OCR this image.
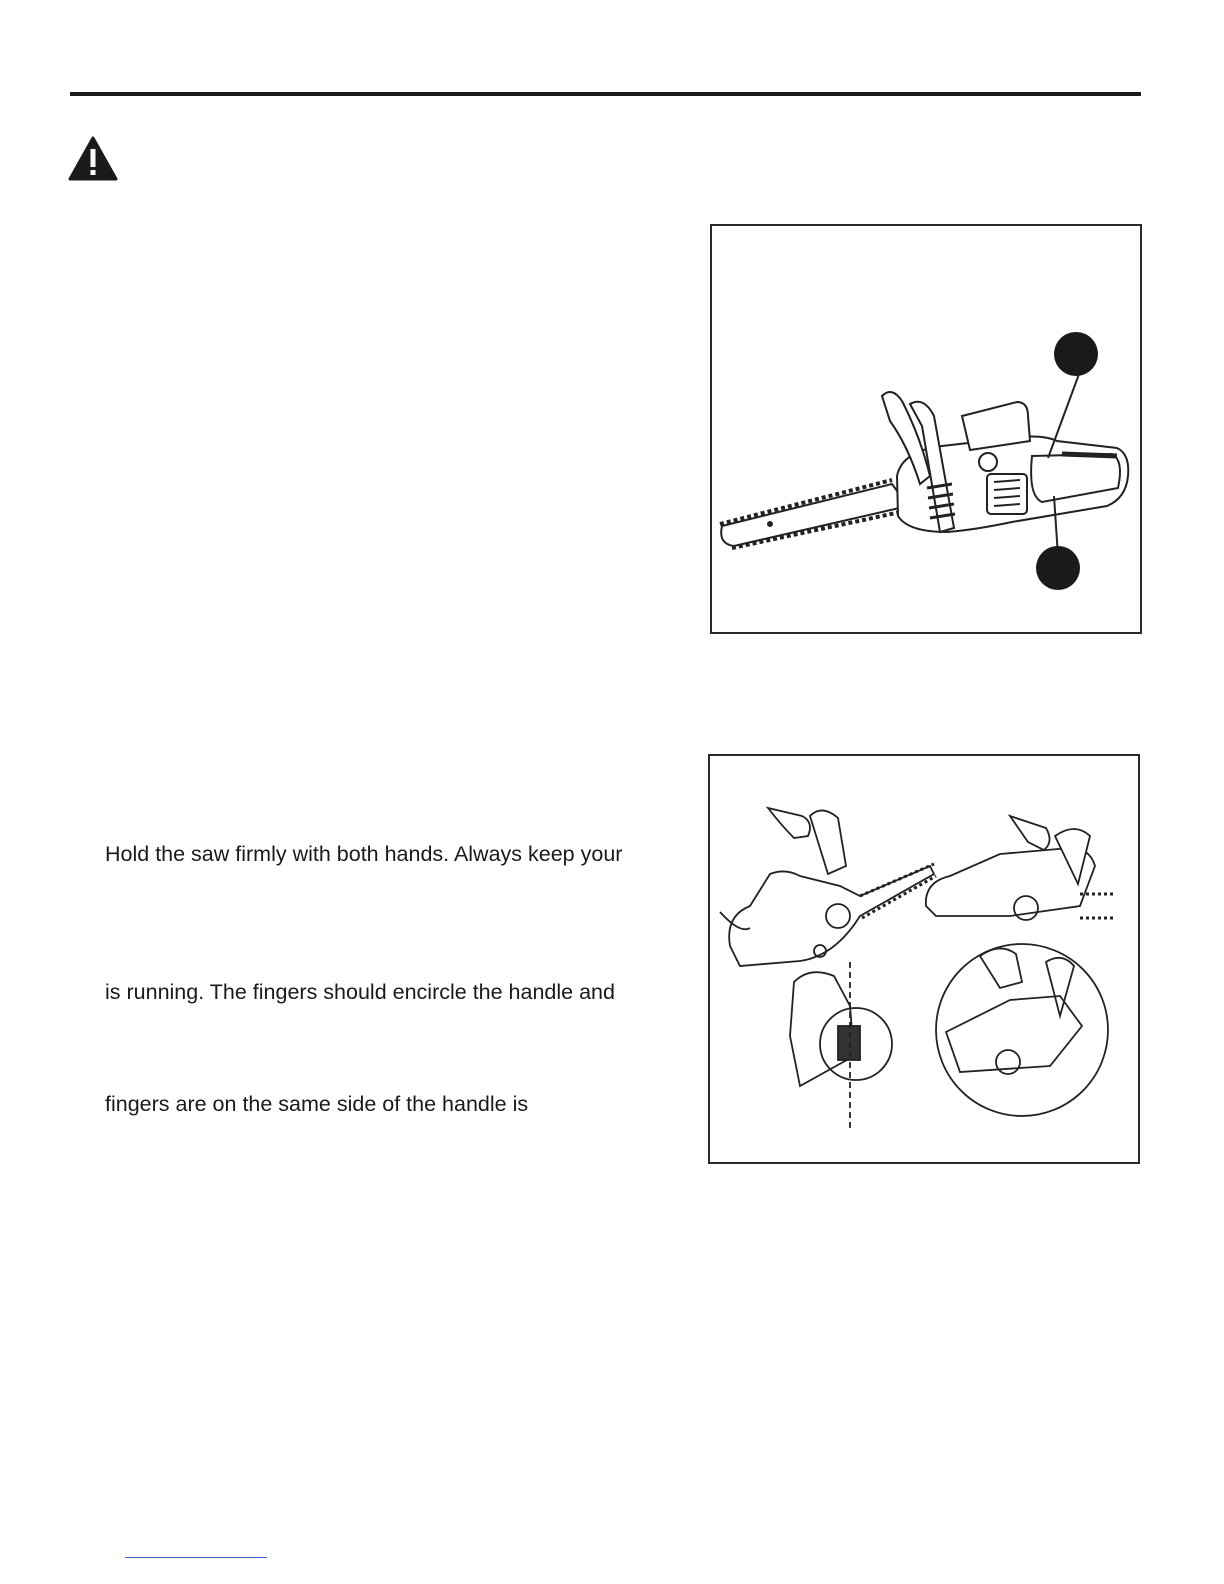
Hold the saw firmly with both hands. Always keep your
is running. The fingers should encircle the handle and
fingers are on the same side of the handle is
